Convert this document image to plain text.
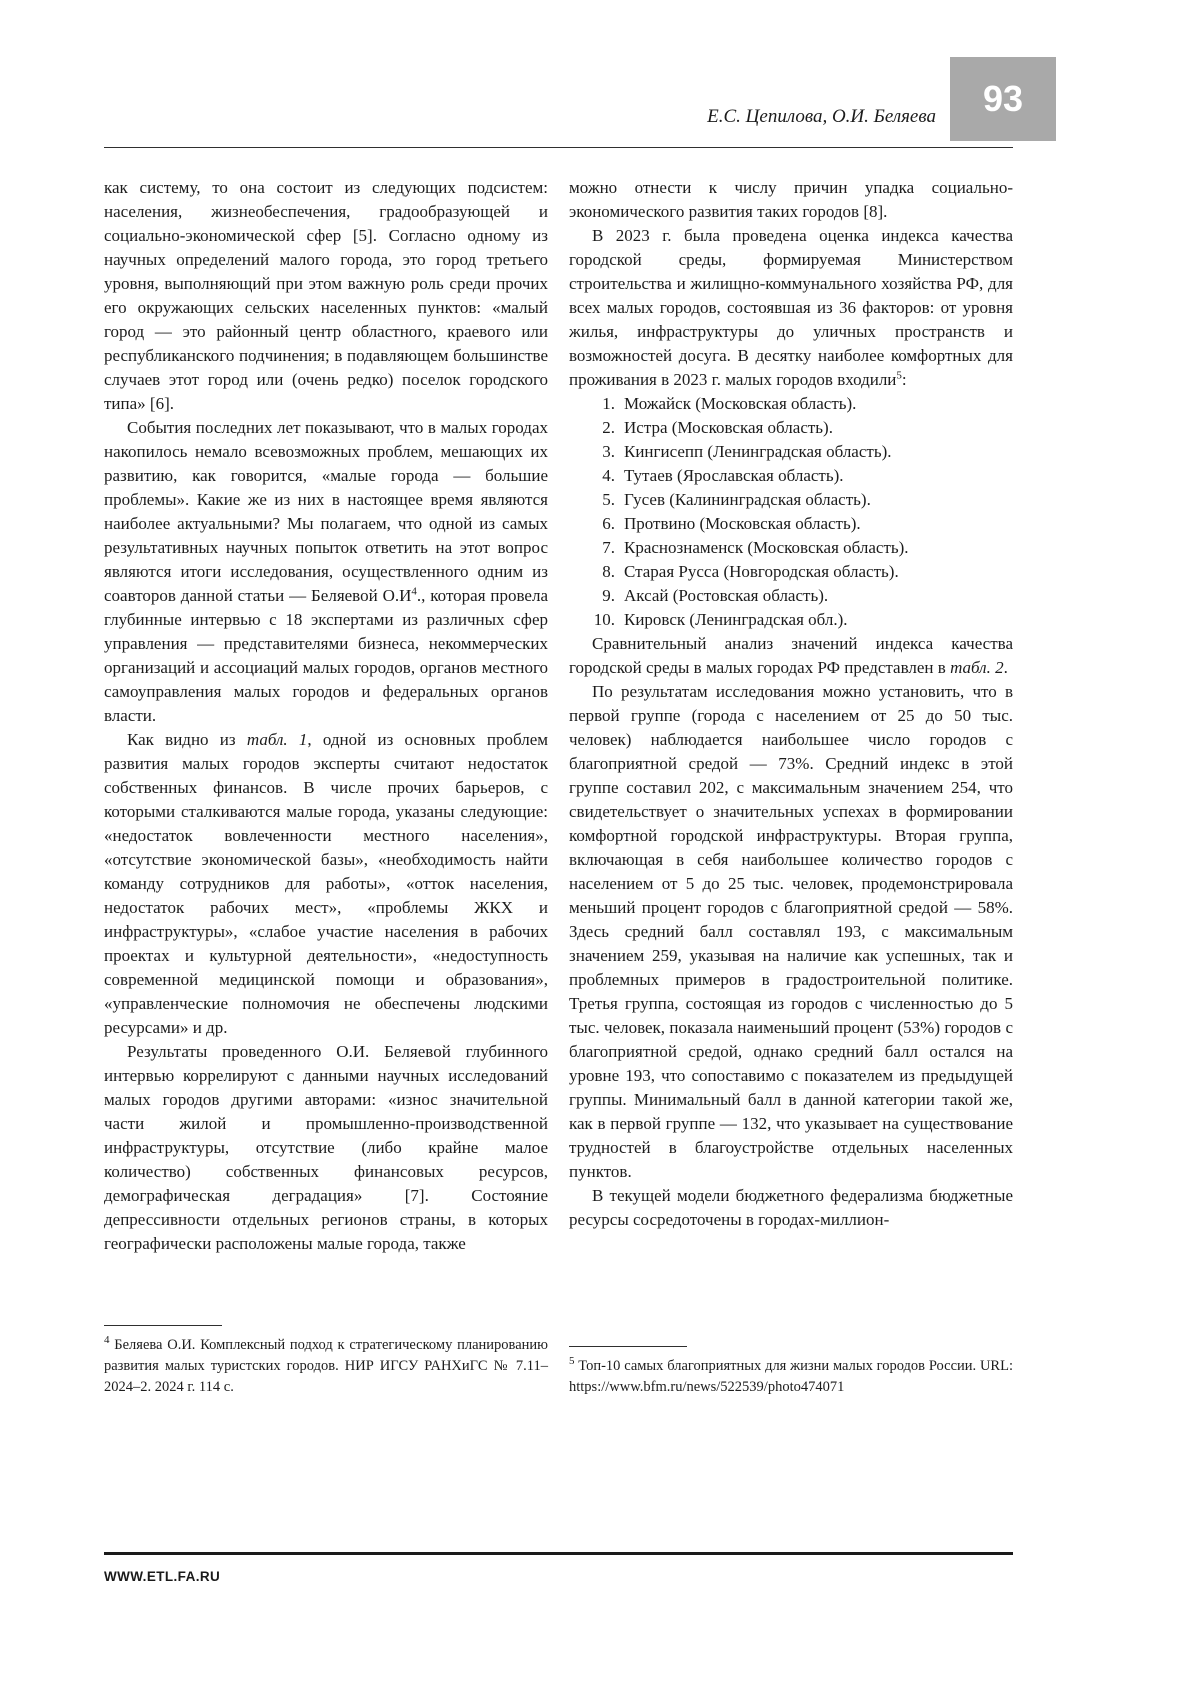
Е.С. Цепилова, О.И. Беляева 93

как систему, то она состоит из следующих подсистем: населения, жизнеобеспечения, градообразующей и социально-экономической сфер [5]. Согласно одному из научных определений малого города, это город третьего уровня, выполняющий при этом важную роль среди прочих его окружающих сельских населенных пунктов: «малый город — это районный центр областного, краевого или республиканского подчинения; в подавляющем большинстве случаев этот город или (очень редко) поселок городского типа» [6].

События последних лет показывают, что в малых городах накопилось немало всевозможных проблем, мешающих их развитию, как говорится, «малые города — большие проблемы». Какие же из них в настоящее время являются наиболее актуальными? Мы полагаем, что одной из самых результативных научных попыток ответить на этот вопрос являются итоги исследования, осуществленного одним из соавторов данной статьи — Беляевой $О.И^4$., которая провела глубинные интервью с 18 экспертами из различных сфер управления — представителями бизнеса, некоммерческих организаций и ассоциаций малых городов, органов местного самоуправления малых городов и федеральных органов власти.

Как видно из табл. 1, одной из основных проблем развития малых городов эксперты считают недостаток собственных финансов. В числе прочих барьеров, с которыми сталкиваются малые города, указаны следующие: «недостаток вовлеченности местного населения», «отсутствие экономической базы», «необходимость найти команду сотрудников для работы», «отток населения, недостаток рабочих мест», «проблемы ЖКХ и инфраструктуры», «слабое участие населения в рабочих проектах и культурной деятельности», «недоступность современной медицинской помощи и образования», «управленческие полномочия не обеспечены людскими ресурсами» и др.

Результаты проведенного О.И. Беляевой глубинного интервью коррелируют с данными научных исследований малых городов другими авторами: «износ значительной части жилой и промышленно-производственной инфраструктуры, отсутствие (либо крайне малое количество) собственных финансовых ресурсов, демографическая деградация» [7]. Состояние депрессивности отдельных регионов страны, в которых географически расположены малые города, также

$^4$ Беляева О.И. Комплексный подход к стратегическому планированию развития малых туристских городов. НИР ИГСУ РАНХиГС № 7.11–2024–2. 2024 г. 114 с.

можно отнести к числу причин упадка социально-экономического развития таких городов [8].

В 2023 г. была проведена оценка индекса качества городской среды, формируемая Министерством строительства и жилищно-коммунального хозяйства РФ, для всех малых городов, состоявшая из 36 факторов: от уровня жилья, инфраструктуры до уличных пространств и возможностей досуга. В десятку наиболее комфортных для проживания в 2023 г. малых городов входили$^5$:

1. Можайск (Московская область).
2. Истра (Московская область).
3. Кингисепп (Ленинградская область).
4. Тутаев (Ярославская область).
5. Гусев (Калининградская область).
6. Протвино (Московская область).
7. Краснознаменск (Московская область).
8. Старая Русса (Новгородская область).
9. Аксай (Ростовская область).
10. Кировск (Ленинградская обл.).

Сравнительный анализ значений индекса качества городской среды в малых городах РФ представлен в табл. 2.

По результатам исследования можно установить, что в первой группе (города с населением от 25 до 50 тыс. человек) наблюдается наибольшее число городов с благоприятной средой — 73%. Средний индекс в этой группе составил 202, с максимальным значением 254, что свидетельствует о значительных успехах в формировании комфортной городской инфраструктуры. Вторая группа, включающая в себя наибольшее количество городов с населением от 5 до 25 тыс. человек, продемонстрировала меньший процент городов с благоприятной средой — 58%. Здесь средний балл составлял 193, с максимальным значением 259, указывая на наличие как успешных, так и проблемных примеров в градостроительной политике. Третья группа, состоящая из городов с численностью до 5 тыс. человек, показала наименьший процент (53%) городов с благоприятной средой, однако средний балл остался на уровне 193, что сопоставимо с показателем из предыдущей группы. Минимальный балл в данной категории такой же, как в первой группе — 132, что указывает на существование трудностей в благоустройстве отдельных населенных пунктов.

В текущей модели бюджетного федерализма бюджетные ресурсы сосредоточены в городах-миллион-

$^5$ Топ-10 самых благоприятных для жизни малых городов России. URL: https://www.bfm.ru/news/522539/photo474071

WWW.ETL.FA.RU
